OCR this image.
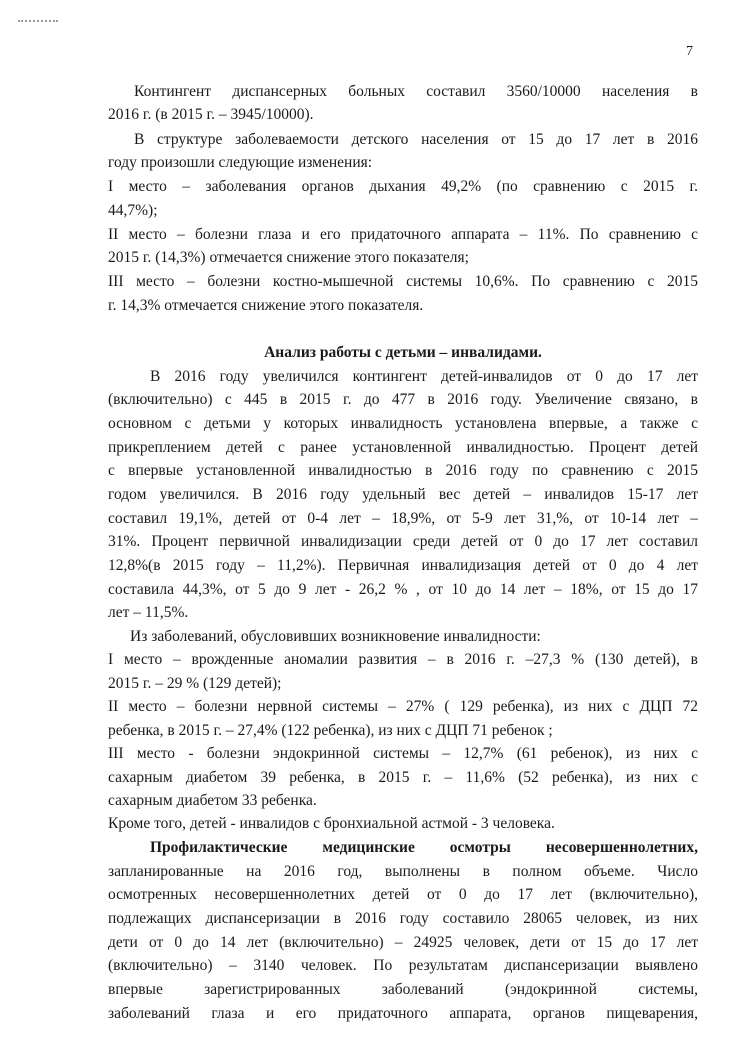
7
Контингент диспансерных больных составил 3560/10000 населения в
2016 г. (в 2015 г. – 3945/10000).
В структуре заболеваемости детского населения от 15 до 17 лет в 2016
году произошли следующие изменения:
I место – заболевания органов дыхания 49,2% (по сравнению с 2015 г.
44,7%);
II место – болезни глаза и его придаточного аппарата – 11%. По сравнению с
2015 г. (14,3%) отмечается снижение этого показателя;
III место – болезни костно-мышечной системы 10,6%. По сравнению с 2015
г. 14,3% отмечается снижение этого показателя.
Анализ работы с детьми – инвалидами.
В 2016 году увеличился контингент детей-инвалидов от 0 до 17 лет
(включительно) с 445 в 2015 г. до 477 в 2016 году. Увеличение связано, в
основном с детьми у которых инвалидность установлена впервые, а также с
прикреплением детей с ранее установленной инвалидностью. Процент детей
с впервые установленной инвалидностью в 2016 году по сравнению с 2015
годом увеличился. В 2016 году удельный вес детей – инвалидов 15-17 лет
составил 19,1%, детей от 0-4 лет – 18,9%, от 5-9 лет 31,%, от 10-14 лет –
31%. Процент первичной инвалидизации среди детей от 0 до 17 лет составил
12,8%(в 2015 году – 11,2%). Первичная инвалидизация детей от 0 до 4 лет
составила 44,3%, от 5 до 9 лет - 26,2 % , от 10 до 14 лет – 18%, от 15 до 17
лет – 11,5%.
Из заболеваний, обусловивших возникновение инвалидности:
I место – врожденные аномалии развития – в 2016 г. –27,3 % (130 детей), в
2015 г. – 29 % (129 детей);
II место – болезни нервной системы – 27% ( 129 ребенка), из них с ДЦП 72
ребенка, в 2015 г. – 27,4% (122 ребенка), из них с ДЦП 71 ребенок ;
III место - болезни эндокринной системы – 12,7% (61 ребенок), из них с
сахарным диабетом 39 ребенка, в 2015 г. – 11,6% (52 ребенка), из них с
сахарным диабетом 33 ребенка.
Кроме того, детей - инвалидов с бронхиальной астмой - 3 человека.
Профилактические медицинские осмотры несовершеннолетних,
запланированные на 2016 год, выполнены в полном объеме. Число
осмотренных несовершеннолетних детей от 0 до 17 лет (включительно),
подлежащих диспансеризации в 2016 году составило 28065 человек, из них
дети от 0 до 14 лет (включительно) – 24925 человек, дети от 15 до 17 лет
(включительно) – 3140 человек. По результатам диспансеризации выявлено
впервые зарегистрированных заболеваний (эндокринной системы,
заболеваний глаза и его придаточного аппарата, органов пищеварения,
